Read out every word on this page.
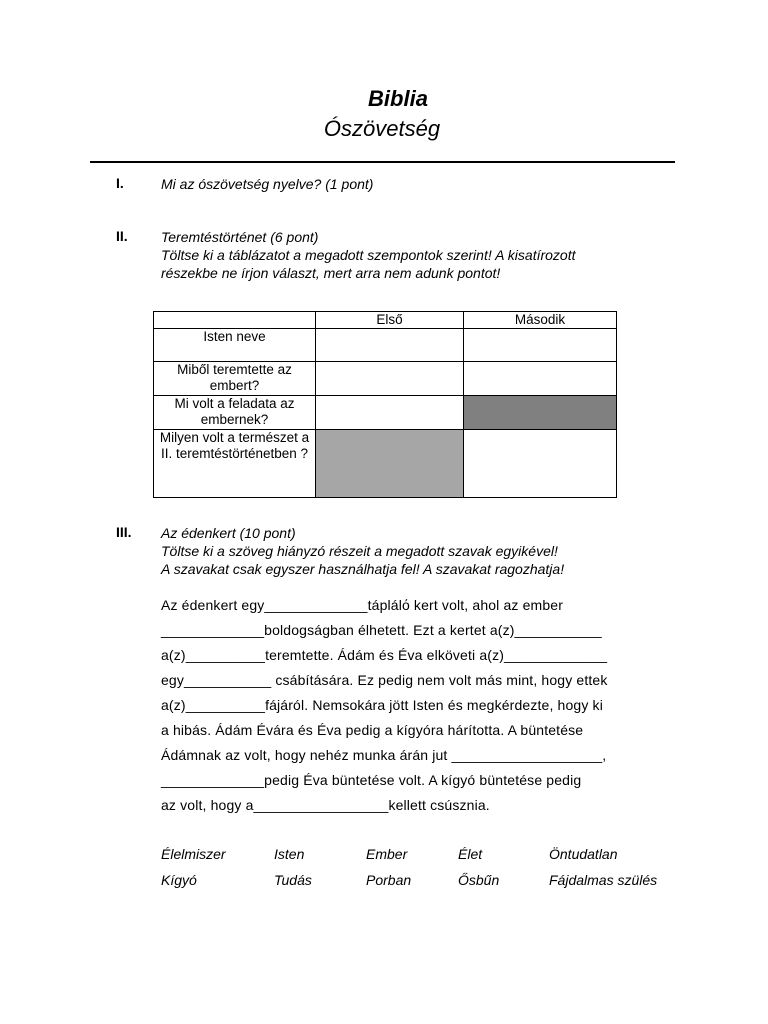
Biblia
Ószövetség
I.	Mi az ószövetség nyelve? (1 pont)
II. Teremtéstörténet (6 pont)
Töltse ki a táblázatot a megadott szempontok szerint! A kisatírozott
részekbe ne írjon választ, mert arra nem adunk pontot!
	Első	Második
Isten neve		
Miből teremtette az embert?		
Mi volt a feladata az embernek?		
Milyen volt a természet a II. teremtéstörténetben ?		
III. Az édenkert (10 pont)
Töltse ki a szöveg hiányzó részeit a megadott szavak egyikével!
A szavakat csak egyszer használhatja fel! A szavakat ragozhatja!
Az édenkert egy_____________táplálό kert volt, ahol az ember
_____________boldogságban élhetett. Ezt a kertet a(z)___________
a(z)__________teremtette. Ádám és Éva elköveti a(z)_____________
egy___________ csábítására. Ez pedig nem volt más mint, hogy ettek
a(z)__________fájáról. Nemsokára jött Isten és megkérdezte, hogy ki
a hibás. Ádám Évára és Éva pedig a kígyóra hárította. A büntetése
Ádámnak az volt, hogy nehéz munka árán jut ___________________,
_____________pedig Éva büntetése volt. A kígyó büntetése pedig
az volt, hogy a_________________kellett csúsznia.
Élelmiszer	Isten	Ember	Élet	Öntudatlan
Kígyó	Tudás	Porban	Ősbűn	Fájdalmas szülés
